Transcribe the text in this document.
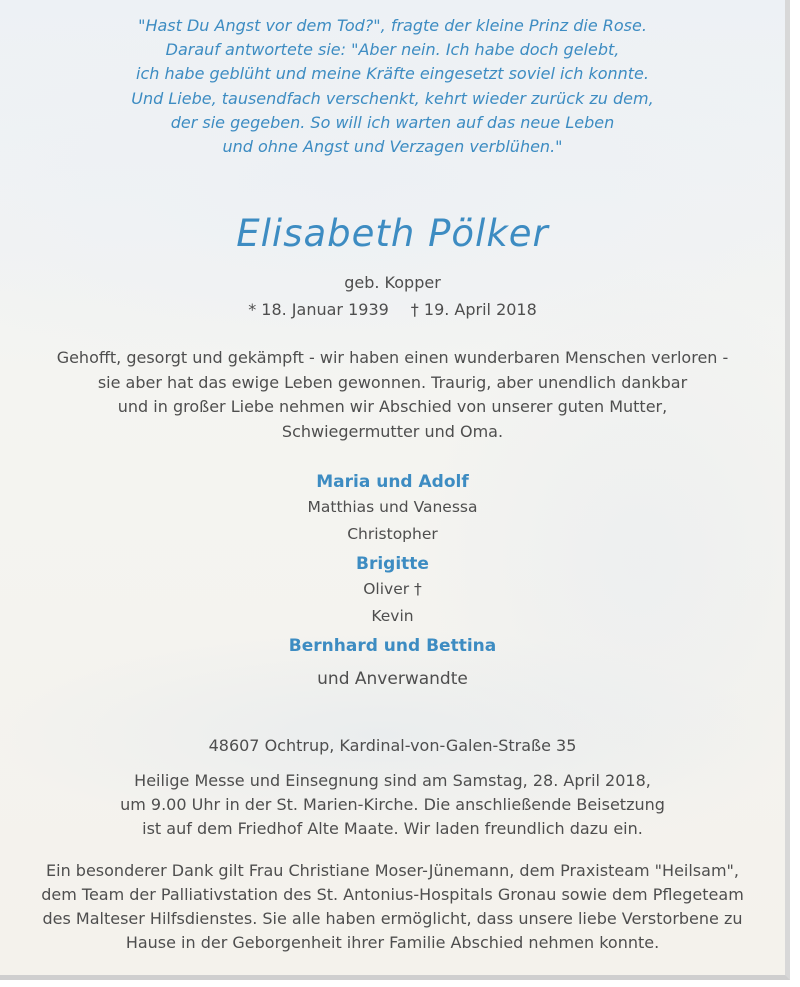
"Hast Du Angst vor dem Tod?", fragte der kleine Prinz die Rose.
Darauf antwortete sie: "Aber nein. Ich habe doch gelebt,
ich habe geblüht und meine Kräfte eingesetzt soviel ich konnte.
Und Liebe, tausendfach verschenkt, kehrt wieder zurück zu dem,
der sie gegeben. So will ich warten auf das neue Leben
und ohne Angst und Verzagen verblühen."
Elisabeth Pölker
geb. Kopper
* 18. Januar 1939 † 19. April 2018
Gehofft, gesorgt und gekämpft - wir haben einen wunderbaren Menschen verloren -
sie aber hat das ewige Leben gewonnen. Traurig, aber unendlich dankbar
und in großer Liebe nehmen wir Abschied von unserer guten Mutter,
Schwiegermutter und Oma.
Maria und Adolf
Matthias und Vanessa
Christopher
Brigitte
Oliver †
Kevin
Bernhard und Bettina
und Anverwandte
48607 Ochtrup, Kardinal-von-Galen-Straße 35
Heilige Messe und Einsegnung sind am Samstag, 28. April 2018,
um 9.00 Uhr in der St. Marien-Kirche. Die anschließende Beisetzung
ist auf dem Friedhof Alte Maate. Wir laden freundlich dazu ein.
Ein besonderer Dank gilt Frau Christiane Moser-Jünemann, dem Praxisteam "Heilsam",
dem Team der Palliativstation des St. Antonius-Hospitals Gronau sowie dem Pflegeteam
des Malteser Hilfsdienstes. Sie alle haben ermöglicht, dass unsere liebe Verstorbene zu
Hause in der Geborgenheit ihrer Familie Abschied nehmen konnte.
